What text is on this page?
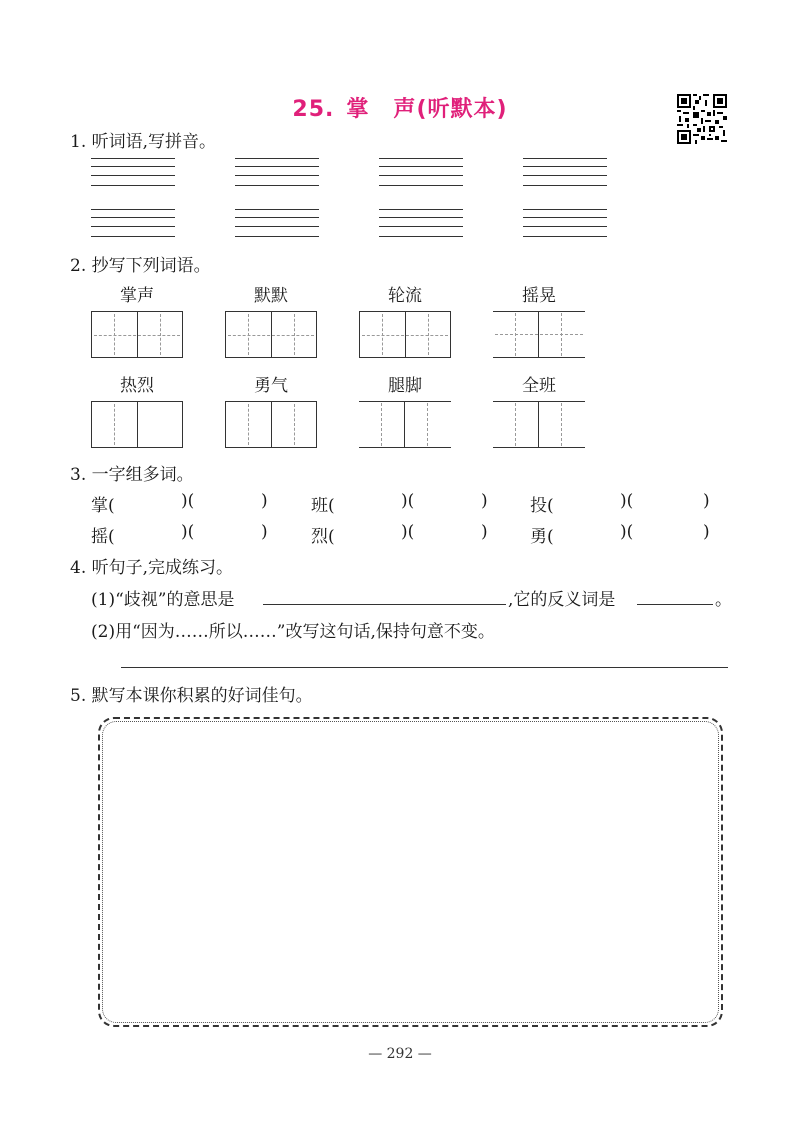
25. 掌 声(听默本)
1. 听词语,写拼音。
2. 抄写下列词语。
掌声	默默	轮流	摇晃
热烈	勇气	腿脚	全班
3. 一字组多词。
掌(	)(	)	班(	)(	) 投(	)(	)
摇(	)(	)	烈(	)(	) 勇(	)(	)
4. 听句子,完成练习。
(1)“歧视”的意思是	,它的反义词是	。
(2)用“因为……所以……”改写这句话,保持句意不变。
5. 默写本课你积累的好词佳句。
— 292 —
